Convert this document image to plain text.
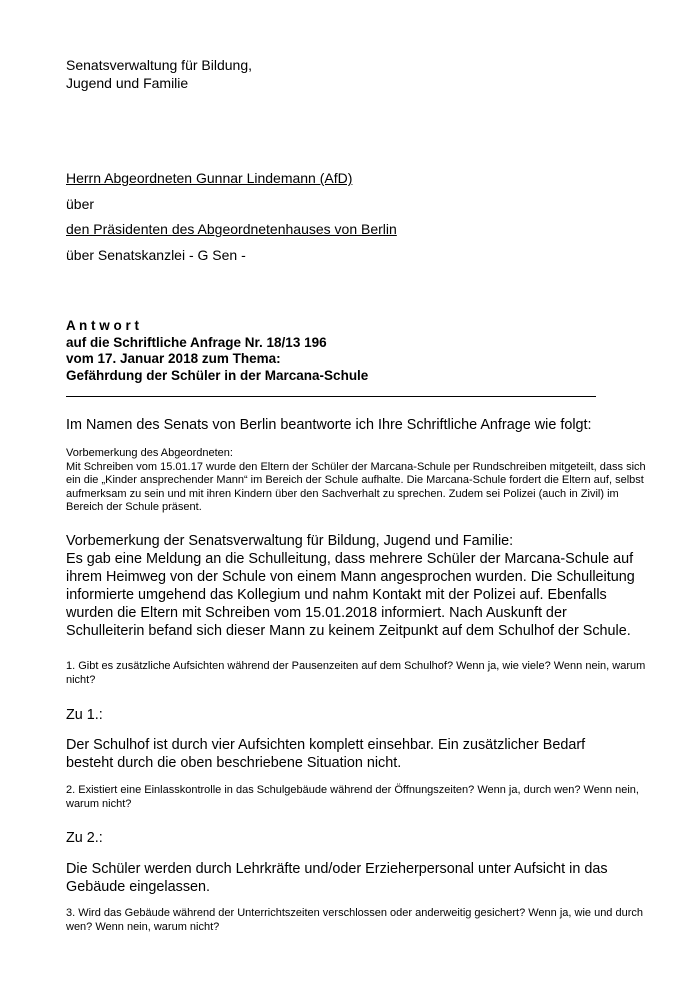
Senatsverwaltung für Bildung,
Jugend und Familie
Herrn Abgeordneten Gunnar Lindemann (AfD)
über
den Präsidenten des Abgeordnetenhauses von Berlin
über Senatskanzlei - G Sen -
A n t w o r t
auf die Schriftliche Anfrage Nr. 18/13 196
vom 17. Januar 2018 zum Thema:
Gefährdung der Schüler in der Marcana-Schule
Im Namen des Senats von Berlin beantworte ich Ihre Schriftliche Anfrage wie folgt:
Vorbemerkung des Abgeordneten:
Mit Schreiben vom 15.01.17 wurde den Eltern der Schüler der Marcana-Schule per Rundschreiben mitgeteilt, dass sich ein die „Kinder ansprechender Mann“ im Bereich der Schule aufhalte. Die Marcana-Schule fordert die Eltern auf, selbst aufmerksam zu sein und mit ihren Kindern über den Sachverhalt zu sprechen. Zudem sei Polizei (auch in Zivil) im Bereich der Schule präsent.
Vorbemerkung der Senatsverwaltung für Bildung, Jugend und Familie:
Es gab eine Meldung an die Schulleitung, dass mehrere Schüler der Marcana-Schule auf ihrem Heimweg von der Schule von einem Mann angesprochen wurden. Die Schulleitung informierte umgehend das Kollegium und nahm Kontakt mit der Polizei auf. Ebenfalls wurden die Eltern mit Schreiben vom 15.01.2018 informiert. Nach Auskunft der Schulleiterin befand sich dieser Mann zu keinem Zeitpunkt auf dem Schulhof der Schule.
1. Gibt es zusätzliche Aufsichten während der Pausenzeiten auf dem Schulhof? Wenn ja, wie viele? Wenn nein, warum nicht?
Zu 1.:
Der Schulhof ist durch vier Aufsichten komplett einsehbar. Ein zusätzlicher Bedarf besteht durch die oben beschriebene Situation nicht.
2. Existiert eine Einlasskontrolle in das Schulgebäude während der Öffnungszeiten? Wenn ja, durch wen? Wenn nein, warum nicht?
Zu 2.:
Die Schüler werden durch Lehrkräfte und/oder Erzieherpersonal unter Aufsicht in das Gebäude eingelassen.
3. Wird das Gebäude während der Unterrichtszeiten verschlossen oder anderweitig gesichert? Wenn ja, wie und durch wen? Wenn nein, warum nicht?
